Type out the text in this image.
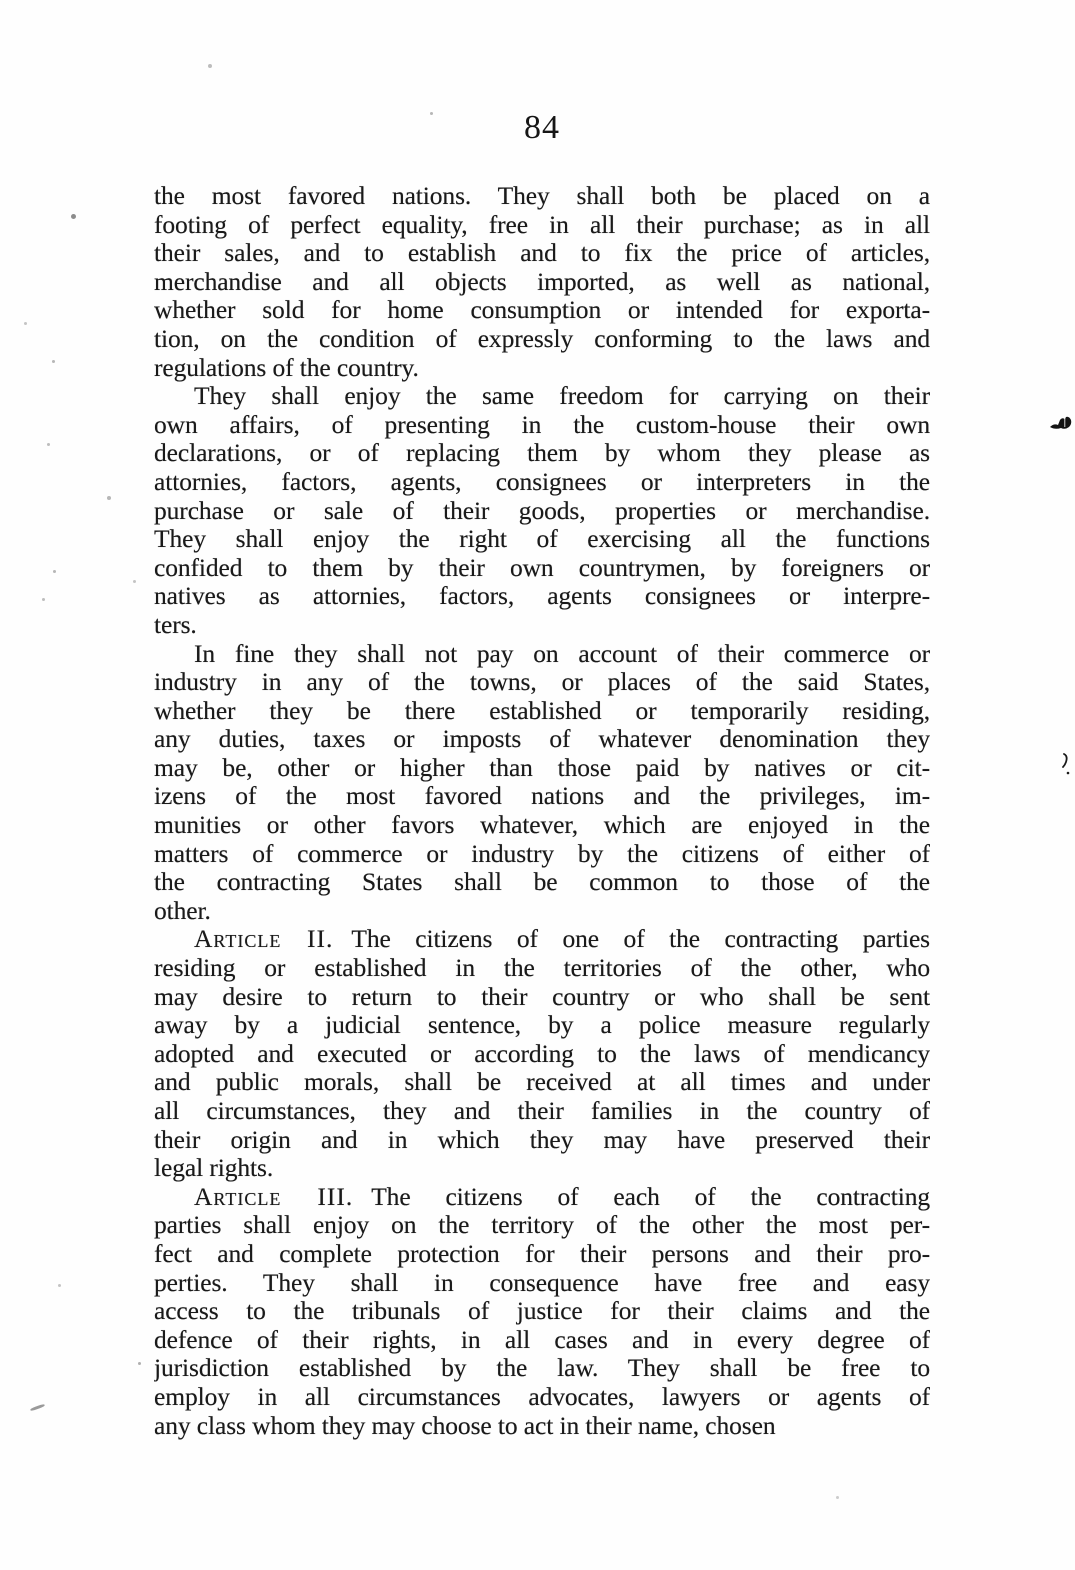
84
the most favored nations. They shall both be placed on a
footing of perfect equality, free in all their purchase; as in all
their sales, and to establish and to fix the price of articles,
merchandise and all objects imported, as well as national,
whether sold for home consumption or intended for exporta-
tion, on the condition of expressly conforming to the laws and
regulations of the country.
They shall enjoy the same freedom for carrying on their
own affairs, of presenting in the custom-house their own
declarations, or of replacing them by whom they please as
attornies, factors, agents, consignees or interpreters in the
purchase or sale of their goods, properties or merchandise.
They shall enjoy the right of exercising all the functions
confided to them by their own countrymen, by foreigners or
natives as attornies, factors, agents consignees or interpre-
ters.
In fine they shall not pay on account of their commerce or
industry in any of the towns, or places of the said States,
whether they be there established or temporarily residing,
any duties, taxes or imposts of whatever denomination they
may be, other or higher than those paid by natives or cit-
izens of the most favored nations and the privileges, im-
munities or other favors whatever, which are enjoyed in the
matters of commerce or industry by the citizens of either of
the contracting States shall be common to those of the
other.
Article II. The citizens of one of the contracting parties
residing or established in the territories of the other, who
may desire to return to their country or who shall be sent
away by a judicial sentence, by a police measure regularly
adopted and executed or according to the laws of mendicancy
and public morals, shall be received at all times and under
all circumstances, they and their families in the country of
their origin and in which they may have preserved their
legal rights.
Article III. The citizens of each of the contracting
parties shall enjoy on the territory of the other the most per-
fect and complete protection for their persons and their pro-
perties. They shall in consequence have free and easy
access to the tribunals of justice for their claims and the
defence of their rights, in all cases and in every degree of
jurisdiction established by the law. They shall be free to
employ in all circumstances advocates, lawyers or agents of
any class whom they may choose to act in their name, chosen
